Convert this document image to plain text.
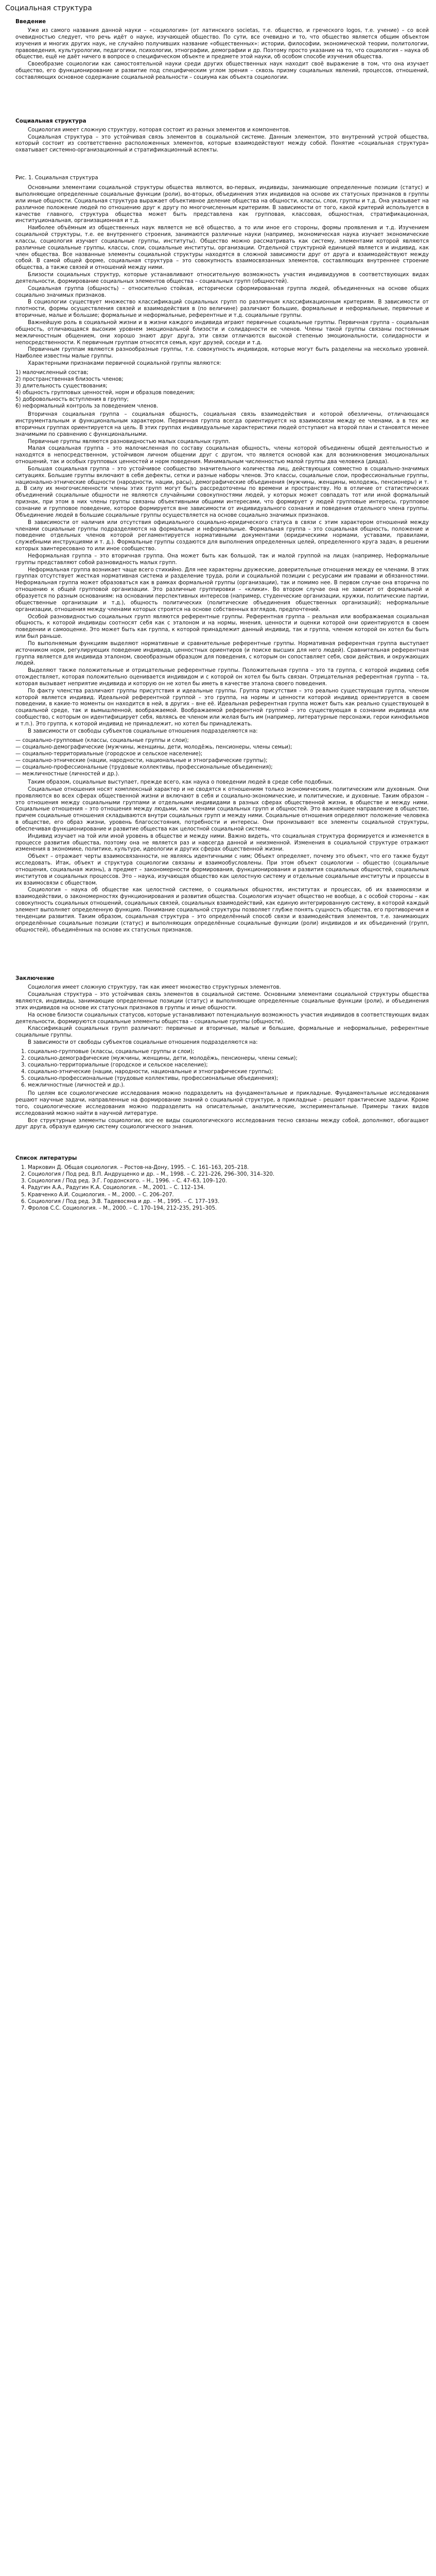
Социальная структура
Введение
Уже из самого названия данной науки – «социология» (от латинского societas, т.е. общество, и греческого logos, т.е. учение) – со всей очевидностью следует, что речь идёт о науке, изучающей общество. По сути, все очевидно и то, что общество является общим объектом изучения и многих других наук, не случайно получивших название «общественных»: истории, философии, экономической теории, политологии, правоведения, культурологии, педагогики, психологии, этнографии, демографии и др. Поэтому просто указание на то, что социология – наука об обществе, ещё не даёт ничего в вопросе о специфическом объекте и предмете этой науки, об особом способе изучения общества.
Своеобразие социологии как самостоятельной науки среди других общественных наук находит своё выражение в том, что она изучает общество, его функционирование и развитие под специфическим углом зрения – сквозь призму социальных явлений, процессов, отношений, составляющих основное содержание социальной реальности – социума как объекта социологии.
Социальная структура
Социология имеет сложную структуру, которая состоит из разных элементов и компонентов.
Социальная структура – это устойчивая связь элементов в социальной системе. Данным элементом, это внутренний устрой общества, который состоит из соответственно расположенных элементов, которые взаимодействуют между собой. Понятие «социальная структура» охватывает системно-организационный и стратификационный аспекты.
Рис. 1. Социальная структура
Основными элементами социальной структуры общества являются, во-первых, индивиды, занимающие определенные позиции (статус) и выполняющие определенные социальные функции (роли), во-вторых, объединения этих индивидов на основе их статусных признаков в группы или иные общности. Социальная структура выражает объективное деление общества на общности, классы, слои, группы и т.д. Она указывает на различное положение людей по отношению друг к другу по многочисленным критериям. В зависимости от того, какой критерий используется в качестве главного, структура общества может быть представлена как групповая, классовая, общностная, стратификационная, институциональная, организационная и т.д.
Наиболее объёмным из общественных наук является не всё общество, а то или иное его стороны, формы проявления и т.д. Изучением социальной структуры, т.е. ее внутреннего строения, занимаются различные науки (например, экономическая наука изучает экономические классы, социология изучает социальные группы, институты). Общество можно рассматривать как систему, элементами которой являются различные социальные группы, классы, слои, социальные институты, организации. Отдельной структурной единицей является и индивид, как член общества. Все названные элементы социальной структуры находятся в сложной зависимости друг от друга и взаимодействуют между собой. В самой общей форме, социальная структура – это совокупность взаимосвязанных элементов, составляющих внутреннее строение общества, а также связей и отношений между ними.
Близости социальных структур, которые устанавливают относительную возможность участия индивидуумов в соответствующих видах деятельности, формирование социальных элементов общества – социальных групп (общностей).
Социальная группа (общность) – относительно стойкая, исторически сформированная группа людей, объединенных на основе общих социально значимых признаков.
В социологии существует множество классификаций социальных групп по различным классификационным критериям. В зависимости от плотности, формы осуществления связей и взаимодействия в (по величине) различают большие, формальные и неформальные, первичные и вторичные, малые и большие; формальные и неформальные, референтные и т.д. социальные группы.
Важнейшую роль в социальной жизни и в жизни каждого индивида играют первичные социальные группы. Первичная группа – социальная общность, отличающаяся высоким уровнем эмоциональной близости и солидарности ее членов. Члены такой группы связаны постоянным межличностным общением, они хорошо знают друг друга, эти связи отличаются высокой степенью эмоциональности, солидарности и непосредственности. К первичным группам относятся семья, круг друзей, соседи и т.д.
Первичным группам являются разнообразные группы, т.е. совокупность индивидов, которые могут быть разделены на несколько уровней. Наиболее известны малые группы.
Характерными признаками первичной социальной группы являются:
1) малочисленный состав;
2) пространственная близость членов;
3) длительность существования;
4) общность групповых ценностей, норм и образцов поведения;
5) добровольность вступления в группу;
6) неформальный контроль за поведением членов.
Вторичная социальная группа – социальная общность, социальная связь взаимодействия и которой обезличены, отличающаяся инструментальным и функциональным характером. Первичная группа всегда ориентируется на взаимосвязи между ее членами, а в тех же вторичных группах ориентируется на цель. В этих группах индивидуальные характеристики людей отступают на второй план и становятся менее значимыми по сравнению с функциональными.
Первичные группы являются разновидностью малых социальных групп.
Малая социальная группа – это малочисленная по составу социальная общность, члены которой объединены общей деятельностью и находятся в непосредственном, устойчивом личном общении друг с другом, что является основой как для возникновения эмоциональных отношений, так и особых групповых ценностей и норм поведения. Минимальным численностью малой группы два человека (диада).
Большая социальная группа – это устойчивое сообщество значительного количества лиц, действующих совместно в социально-значимых ситуациях. Большие группы включают в себя дефекты, сетки и разные наборы членов. Это классы, социальные слои, профессиональные группы, национально-этнические общности (народности, нации, расы), демографические объединения (мужчины, женщины, молодежь, пенсионеры) и т. д. В силу их многочисленности члены этих групп могут быть рассредоточены по времени и пространству. Но в отличие от статистических объединений социальные общности не являются случайными совокупностями людей, у которых может совпадать тот или иной формальный признак, при этом в них члены группы связаны объективными общими интересами, что формирует у людей групповые интересы, групповое сознание и групповое поведение, которое формируется вне зависимости от индивидуального сознания и поведения отдельного члена группы. Объединение людей в большие социальные группы осуществляется на основе социально значимых признаков.
В зависимости от наличия или отсутствия официального социально-юридического статуса в связи с этим характером отношений между членами социальные группы подразделяются на формальные и неформальные. Формальная группа – это социальная общность, положение и поведение отдельных членов которой регламентируется нормативными документами (юридическими нормами, уставами, правилами, служебными инструкциями и т. д.). Формальные группы создаются для выполнения определенных целей, определенного круга задач, в решении которых заинтересовано то или иное сообщество.
Неформальная группа – это вторичная группа. Она может быть как большой, так и малой группой на лицах (например, Неформальные группы представляют собой разновидность малых групп.
Неформальная группа возникает чаще всего стихийно. Для нее характерны дружеские, доверительные отношения между ее членами. В этих группах отсутствует жесткая нормативная система и разделение труда, роли и социальной позиции с ресурсами им правами и обязанностями. Неформальная группа может образоваться как в рамках формальной группы (организации), так и помимо нее. В первом случае она вторична по отношению к общей групповой организации. Это различные группировки – «клики». Во втором случае она не зависит от формальной и образуется по разным основаниям: на основании перспективных интересов (например, студенческие организации, кружки, политические партии, общественные организации и т.д.), общность политических (политические объединения общественных организаций); неформальные организации, отношения между членами которых строятся на основе собственных взглядов, предпочтений.
Особой разновидностью социальных групп являются референтные группы. Референтная группа – реальная или воображаемая социальная общность, к которой индивиды соотносят себя как с эталоном и на нормы, мнения, ценности и оценки которой они ориентируются в своем поведении и самооценке. Это может быть как группа, к которой принадлежит данный индивид, так и группа, членом которой он хотел бы быть или был раньше.
По выполняемым функциям выделяют нормативные и сравнительные референтные группы. Нормативная референтная группа выступает источником норм, регулирующих поведение индивида, ценностных ориентиров (и поиске высших для него людей). Сравнительная референтная группа является для индивида эталоном, своеобразным образцом для поведения, с которым он сопоставляет себя, свои действия, и окружающих людей.
Выделяют также положительные и отрицательные референтные группы. Положительная группа – это та группа, с которой индивид себя отождествляет, которая положительно оценивается индивидом и с которой он хотел бы быть связан. Отрицательная референтная группа – та, которая вызывает неприятие индивида и которую он не хотел бы иметь в качестве эталона своего поведения.
По факту членства различают группы присутствия и идеальные группы. Группа присутствия – это реально существующая группа, членом которой является индивид. Идеальной референтной группой – это группа, на нормы и ценности которой индивид ориентируется в своем поведении, в какие-то моменты он находится в ней, в других – вне её. Идеальная референтная группа может быть как реально существующей в социальной среде, так и вымышленной, воображаемой. Воображаемой референтной группой – это существующая в сознании индивида или сообщество, с которым он идентифицирует себя, являясь ее членом или желая быть им (например, литературные персонажи, герои кинофильмов и т.п.). Это группа, к которой индивид не принадлежит, но хотел бы принадлежать.
В зависимости от свободы субъектов социальные отношения подразделяются на:
— социально-групповые (классы, социальные группы и слои);
— социально-демографические (мужчины, женщины, дети, молодёжь, пенсионеры, члены семьи);
— социально-территориальные (городское и сельское население);
— социально-этнические (нации, народности, национальные и этнографические группы);
— социально-профессиональные (трудовые коллективы, профессиональные объединения);
— межличностные (личностей и др.).
Таким образом, социальные выступает, прежде всего, как наука о поведении людей в среде себе подобных.
Социальные отношения носят комплексный характер и не сводятся к отношениям только экономическим, политическим или духовным. Они проявляются во всех сферах общественной жизни и включают в себя и социально-экономические, и политические, и духовные. Таким образом – это отношения между социальными группами и отдельными индивидами в разных сферах общественной жизни, в обществе и между ними. Социальные отношения – это отношения между людьми, как членами социальных групп и общностей. Это важнейшее направление в обществе, причем социальные отношения складываются внутри социальных групп и между ними. Социальные отношения определяют положение человека в обществе, его образ жизни, уровень благосостояния, потребности и интересы. Они пронизывают все элементы социальной структуры, обеспечивая функционирование и развитие общества как целостной социальной системы.
Индивид изучает на той или иной уровень в обществе и между ними. Важно видеть, что социальная структура формируется и изменяется в процессе развития общества, поэтому она не является раз и навсегда данной и неизменной. Изменения в социальной структуре отражают изменения в экономике, политике, культуре, идеологии и других сферах общественной жизни.
Объект – отражает черты взаимосвязанности, не являясь идентичными с ним; Объект определяет, почему это объект, что его также будут исследовать. Итак, объект и структура социологии связаны и взаимообусловлены. При этом объект социологии – общество (социальные отношения, социальная жизнь), а предмет – закономерности формирования, функционирования и развития социальных общностей, социальных институтов и социальных процессов. Это – наука, изучающая общество как целостную систему и отдельные социальные институты и процессы в их взаимосвязи с обществом.
Социология – наука об обществе как целостной системе, о социальных общностях, институтах и процессах, об их взаимосвязи и взаимодействии, о закономерностях функционирования и развития общества. Социология изучает общество не вообще, а с особой стороны – как совокупность социальных отношений, социальных связей, социальных взаимодействий, как единую интегрированную систему, в которой каждый элемент выполняет определенную функцию. Понимание социальной структуры позволяет глубже понять сущность общества, его противоречия и тенденции развития. Таким образом, социальная структура – это определённый способ связи и взаимодействия элементов, т.е. занимающих определённые социальные позиции (статус) и выполняющих определённые социальные функции (роли) индивидов и их объединений (групп, общностей), объединённых на основе их статусных признаков.
Заключение
Социология имеет сложную структуру, так как имеет множество структурных элементов.
Социальная структура – это устойчивая связь элементов в социальной системе. Основными элементами социальной структуры общества являются, индивиды, занимающие определенные позиции (статус) и выполняющие определенные социальные функции (роли), и объединения этих индивидов на основе их статусных признаков в группы и иные общности.
На основе близости социальных статусов, которые устанавливают потенциальную возможность участия индивидов в соответствующих видах деятельности, формируются социальные элементы общества – социальные группы (общности).
Классификаций социальных групп различают: первичные и вторичные, малые и большие, формальные и неформальные, референтные социальные группы.
В зависимости от свободы субъектов социальные отношения подразделяются на:
1. социально-групповые (классы, социальные группы и слои);
2. социально-демографические (мужчины, женщины, дети, молодёжь, пенсионеры, члены семьи);
3. социально-территориальные (городское и сельское население);
4. социально-этнические (нации, народности, национальные и этнографические группы);
5. социально-профессиональные (трудовые коллективы, профессиональные объединения);
6. межличностные (личностей и др.).
По целям все социологические исследования можно подразделить на фундаментальные и прикладные. Фундаментальные исследования решают научные задачи, направленные на формирование знаний о социальной структуре, а прикладные – решают практические задачи. Кроме того, социологические исследования можно подразделить на описательные, аналитические, экспериментальные. Примеры таких видов исследований можно найти в научной литературе.
Все структурные элементы социологии, все ее виды социологического исследования тесно связаны между собой, дополняют, обогащают друг друга, образуя единую систему социологического знания.
Список литературы
1. Марковин Д. Общая социология. – Ростов-на-Дону, 1995. – С. 161–163, 205–218.
2. Социология / Под ред. В.П. Андрущенко и др. – М., 1998. – С. 221–226, 296–300, 314–320.
3. Социология / Под ред. Э.Г. Гордонского. – Н., 1996. – С. 47–63, 109–120.
4. Радугин А.А., Радугин К.А. Социология. – М., 2001. – С. 112–134.
5. Кравченко А.И. Социология. – М., 2000. – С. 206–207.
6. Социология / Под ред. Э.В. Тадевосяна и др. – М., 1995. – С. 177–193.
7. Фролов С.С. Социология. – М., 2000. – С. 170–194, 212–235, 291–305.
